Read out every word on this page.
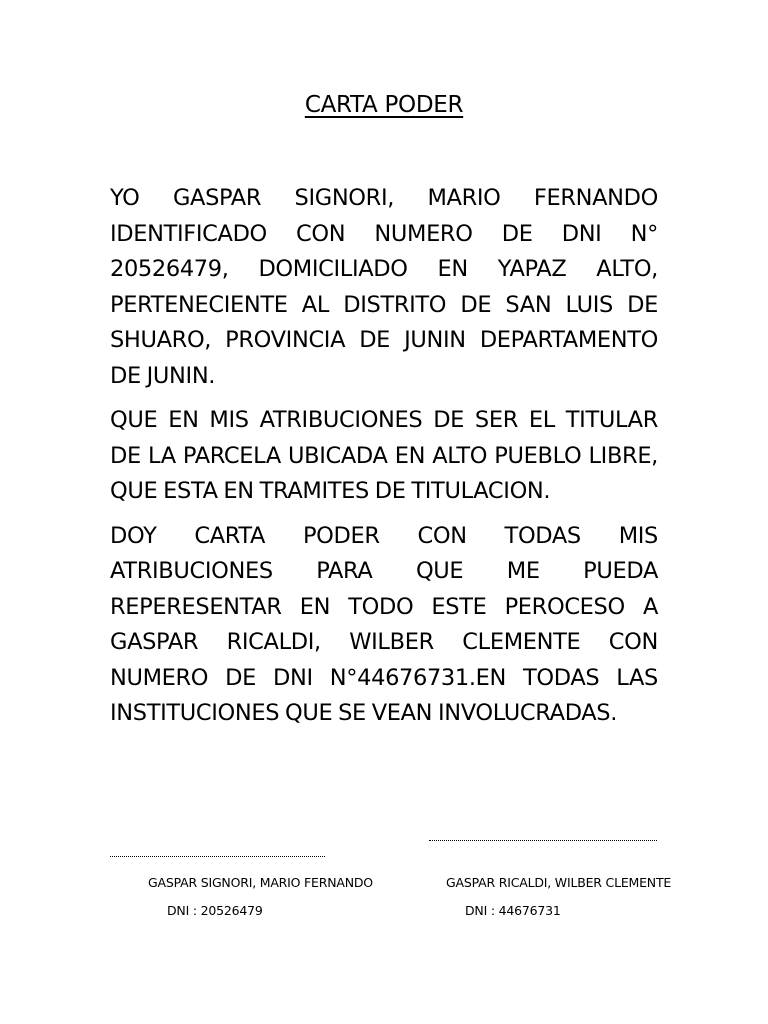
CARTA PODER

YO GASPAR SIGNORI, MARIO FERNANDO IDENTIFICADO CON NUMERO DE DNI N° 20526479, DOMICILIADO EN YAPAZ ALTO, PERTENECIENTE AL DISTRITO DE SAN LUIS DE SHUARO, PROVINCIA DE JUNIN DEPARTAMENTO DE JUNIN.

QUE EN MIS ATRIBUCIONES DE SER EL TITULAR DE LA PARCELA UBICADA EN ALTO PUEBLO LIBRE, QUE ESTA EN TRAMITES DE TITULACION.

DOY CARTA PODER CON TODAS MIS ATRIBUCIONES PARA QUE ME PUEDA REPERESENTAR EN TODO ESTE PEROCESO A GASPAR RICALDI, WILBER CLEMENTE CON NUMERO DE DNI N°44676731.EN TODAS LAS INSTITUCIONES QUE SE VEAN INVOLUCRADAS.

GASPAR SIGNORI, MARIO FERNANDO	GASPAR RICALDI, WILBER CLEMENTE
DNI : 20526479	DNI : 44676731
